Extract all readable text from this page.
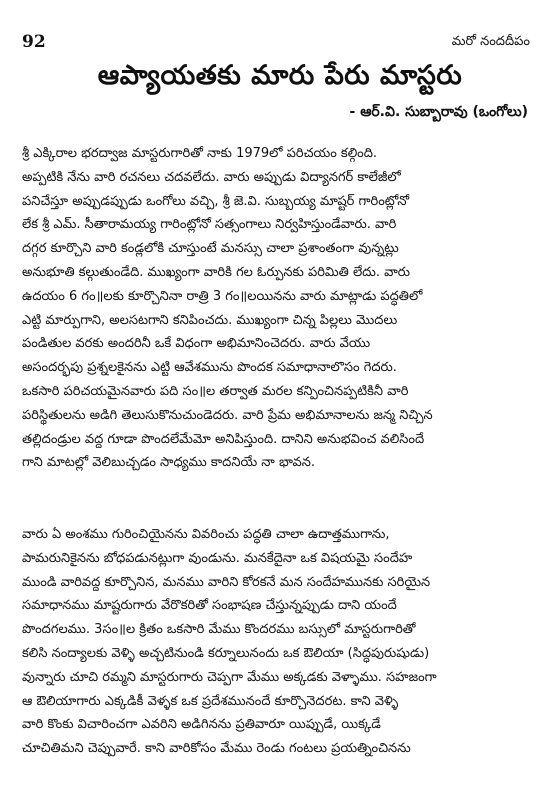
92	మరో నందదీపం
ఆప్యాయతకు మారు పేరు మాస్టరు
- ఆర్.వి. సుబ్బారావు (ఒంగోలు)
శ్రీ ఎక్కిరాల భరద్వాజ మాస్టరుగారితో నాకు 1979లో పరిచయం కల్గింది.
అప్పటికి నేను వారి రచనలు చదవలేదు. వారు అప్పుడు విద్యానగర్ కాలేజీలో
పనిచేస్తూ అప్పుడప్పుడు ఒంగోలు వచ్చి, శ్రీ జె.వి. సుబ్బయ్య మాష్టర్ గారింట్లోనో
లేక శ్రీ ఎమ్. సీతారామయ్య గారింట్లోనో సత్సంగాలు నిర్వహిస్తుండేవారు. వారి
దగ్గర కూర్చొని వారి కండ్లలోకి చూస్తుంటే మనస్సు చాలా ప్రశాంతంగా వున్నట్లు
అనుభూతి కల్గుతుండేది. ముఖ్యంగా వారికి గల ఓర్పునకు పరిమితి లేదు. వారు
ఉదయం 6 గం॥లకు కూర్చొనినా రాత్రి 3 గం॥లయినను వారు మాట్లాడు పద్ధతిలో
ఎట్టి మార్పుగాని, అలసటగాని కనిపించదు. ముఖ్యంగా చిన్న పిల్లలు మొదలు
పండితుల వరకు అందరినీ ఒకే విధంగా అభిమానించెదరు. వారు వేయు
అసందర్భపు ప్రశ్నలకైనను ఎట్టి ఆవేశమును పొందక సమాధానాలొసం గెదరు.
ఒకసారి పరిచయమైనవారు పది సం॥ల తర్వాత మరల కన్పించినప్పటికినీ వారి
పరిస్థితులను అడిగి తెలుసుకొనుచుండెదరు. వారి ప్రేమ అభిమానాలను జన్మ నిచ్చిన
తల్లిదండ్రుల వద్ద గూడా పొందలేమేమో అనిపిస్తుంది. దానిని అనుభవించ వలిసిందే
గాని మాటల్లో వెలిబుచ్చడం సాధ్యము కాదనియే నా భావన.
వారు ఏ అంశము గురించియైనను వివరించు పద్ధతి చాలా ఉదాత్తముగాను,
పామరునికైనను బోధపడునట్లుగా వుండును. మనకేదైనా ఒక విషయమై సందేహ
ముండి వారివద్ద కూర్చొనిన, మనము వారిని కోరకనే మన సందేహమునకు సరియైన
సమాధానము మాష్టరుగారు వేరొకరితో సంభాషణ చేస్తున్నప్పుడు దాని యందే
పొందగలము. 3సం॥ల క్రితం ఒకసారి మేము కొందరము బస్సులో మాస్టరుగారితో
కలిసి నంద్యాలకు వెళ్ళి అచ్చటినుండి కర్నూలునందు ఒక ఔలియా (సిద్ధపురుషుడు)
వున్నారు చూచి రమ్మని మాస్టరుగారు చెప్పగా మేము అక్కడకు వెళ్ళాము. సహజంగా
ఆ ఔలియాగారు ఎక్కడికీ వెళ్ళక ఒక ప్రదేశమునందే కూర్చొనెదరట. కాని వెళ్ళి
వారి కొంకు విచారించగా ఎవరిని అడిగినను ప్రతివారూ యిప్పుడే, యిక్కడే
చూచితిమని చెప్పువారే. కాని వారికోసం మేము రెండు గంటలు ప్రయత్నించినను
